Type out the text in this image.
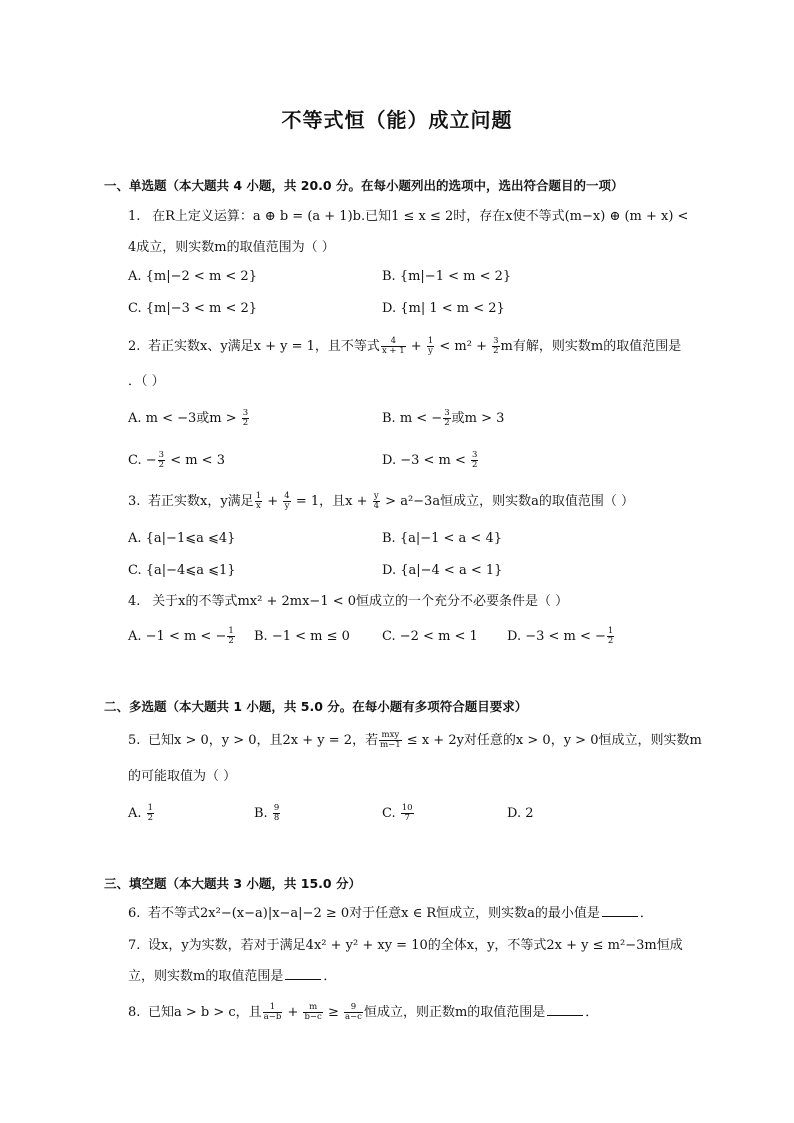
不等式恒（能）成立问题
一、单选题（本大题共 4 小题，共 20.0 分。在每小题列出的选项中，选出符合题目的一项）
1. 在R上定义运算：a ⊕ b = (a + 1)b.已知1 ≤ x ≤ 2时，存在x使不等式(m−x) ⊕ (m + x) <
4成立，则实数m的取值范围为（ ）
A. {m|−2 < m < 2}	B. {m|−1 < m < 2}
C. {m|−3 < m < 2}	D. {m| 1 < m < 2}
2. 若正实数x、y满足x + y = 1，且不等式 $\frac{4}{x + 1} + \frac{1}{y} < m^2 + \frac{3}{2}$ m有解，则实数m的取值范围是
．（ ）
A. m < −3或$m > \frac{3}{2}$	B. m < − $\frac{3}{2}$ 或m > 3
C. − $\frac{3}{2} < m < 3$	D. $-3 < m < \frac{3}{2}$
3. 若正实数x，y满足 $\frac{1}{x} + \frac{4}{y} = 1$，且$x + \frac{y}{4} > a^2-3a$恒成立，则实数a的取值范围（ ）
A. {a|−1⩽a ⩽4}	B. {a|−1 < a < 4}
C. {a|−4⩽a ⩽1}	D. {a|−4 < a < 1}
4. 关于x的不等式mx² + 2mx−1 < 0恒成立的一个充分不必要条件是（ ）
A. −1 < m < − $\frac{1}{2} B$. −1 < m ≤ 0 C. −2 < m < 1 D. −3 < m < − $\frac{1}{2}$
二、多选题（本大题共 1 小题，共 5.0 分。在每小题有多项符合题目要求）
5. 已知x > 0，y > 0，且2x + y = 2，若 $\frac{\text{mxy}}{m-1} \le x + 2y$对任意的x > 0，y > 0恒成立，则实数m
的可能取值为（ ）
A. $\frac{1}{2}$	B. $\frac{9}{8}$	C. $\frac{10}{7}$	D. 2
三、填空题（本大题共 3 小题，共 15.0 分）
6. 若不等式2x²−(x−a)|x−a|−2 ≥ 0对于任意x ∈ R恒成立，则实数a的最小值是	．
7. 设x，y为实数，若对于满足4x² + y² + xy = 10的全体x，y，不等式2x + y ≤ m²−3m恒成
立，则实数m的取值范围是	．
8. 已知a > b > c，且 $\frac{1}{a-b} + \frac{m}{b-c} \ge \frac{9}{a-c}$ 恒成立，则正数m的取值范围是	．
